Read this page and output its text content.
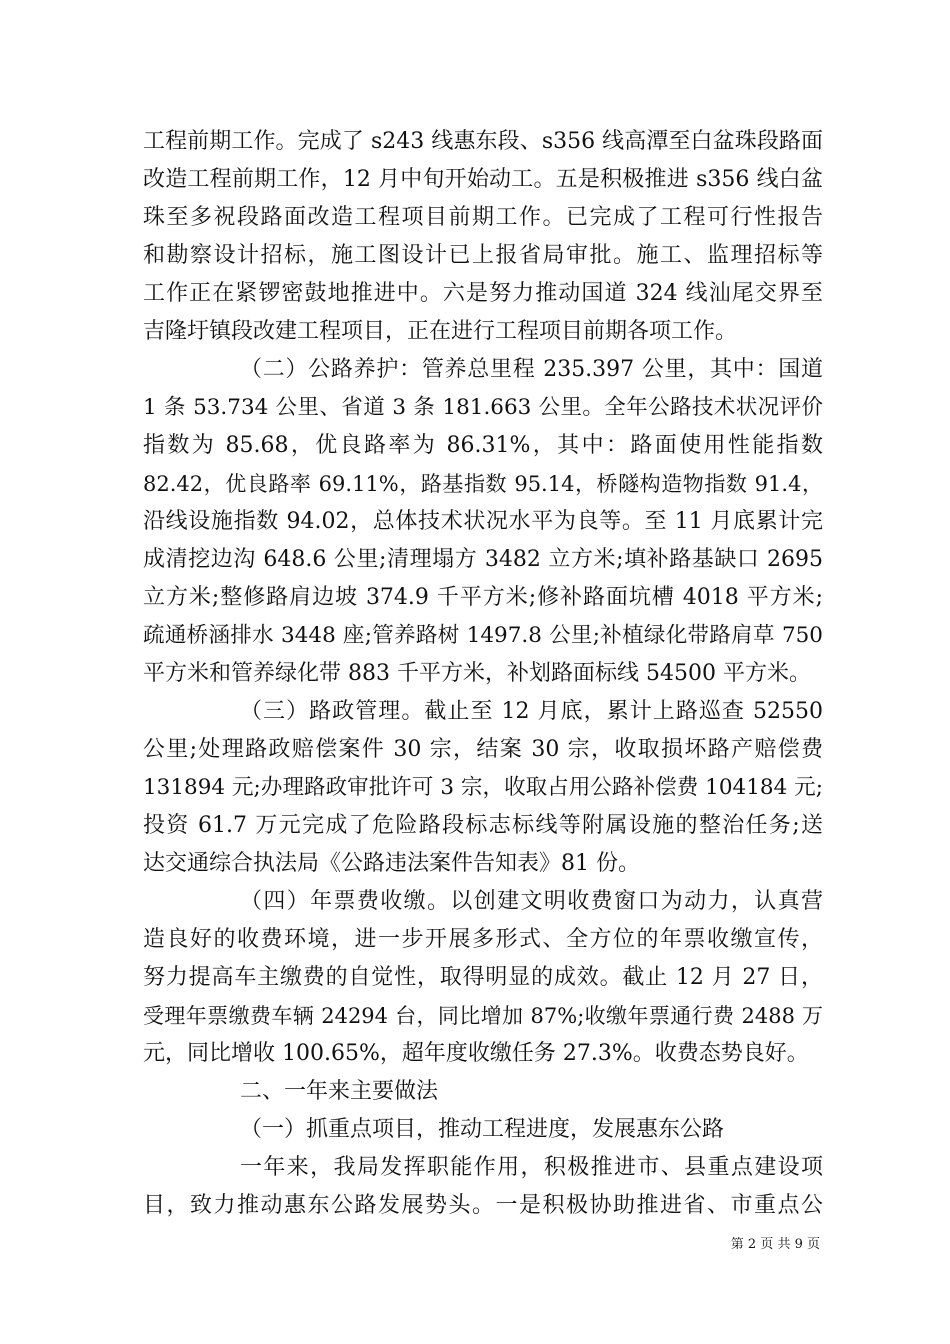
工程前期工作。完成了 s243 线惠东段、s356 线高潭至白盆珠段路面
改造工程前期工作，12 月中旬开始动工。五是积极推进 s356 线白盆
珠至多祝段路面改造工程项目前期工作。已完成了工程可行性报告
和勘察设计招标，施工图设计已上报省局审批。施工、监理招标等
工作正在紧锣密鼓地推进中。六是努力推动国道 324 线汕尾交界至
吉隆圩镇段改建工程项目，正在进行工程项目前期各项工作。
（二）公路养护：管养总里程 235.397 公里，其中：国道
1 条 53.734 公里、省道 3 条 181.663 公里。全年公路技术状况评价
指数为 85.68，优良路率为 86.31%，其中：路面使用性能指数
82.42，优良路率 69.11%，路基指数 95.14，桥隧构造物指数 91.4，
沿线设施指数 94.02，总体技术状况水平为良等。至 11 月底累计完
成清挖边沟 648.6 公里;清理塌方 3482 立方米;填补路基缺口 2695
立方米;整修路肩边坡 374.9 千平方米;修补路面坑槽 4018 平方米;
疏通桥涵排水 3448 座;管养路树 1497.8 公里;补植绿化带路肩草 750
平方米和管养绿化带 883 千平方米，补划路面标线 54500 平方米。
（三）路政管理。截止至 12 月底，累计上路巡查 52550
公里;处理路政赔偿案件 30 宗，结案 30 宗，收取损坏路产赔偿费
131894 元;办理路政审批许可 3 宗，收取占用公路补偿费 104184 元;
投资 61.7 万元完成了危险路段标志标线等附属设施的整治任务;送
达交通综合执法局《公路违法案件告知表》81 份。
（四）年票费收缴。以创建文明收费窗口为动力，认真营
造良好的收费环境，进一步开展多形式、全方位的年票收缴宣传，
努力提高车主缴费的自觉性，取得明显的成效。截止 12 月 27 日，
受理年票缴费车辆 24294 台，同比增加 87%;收缴年票通行费 2488 万
元，同比增收 100.65%，超年度收缴任务 27.3%。收费态势良好。
二、一年来主要做法
（一）抓重点项目，推动工程进度，发展惠东公路
一年来，我局发挥职能作用，积极推进市、县重点建设项
目，致力推动惠东公路发展势头。一是积极协助推进省、市重点公
第 2 页 共 9 页
